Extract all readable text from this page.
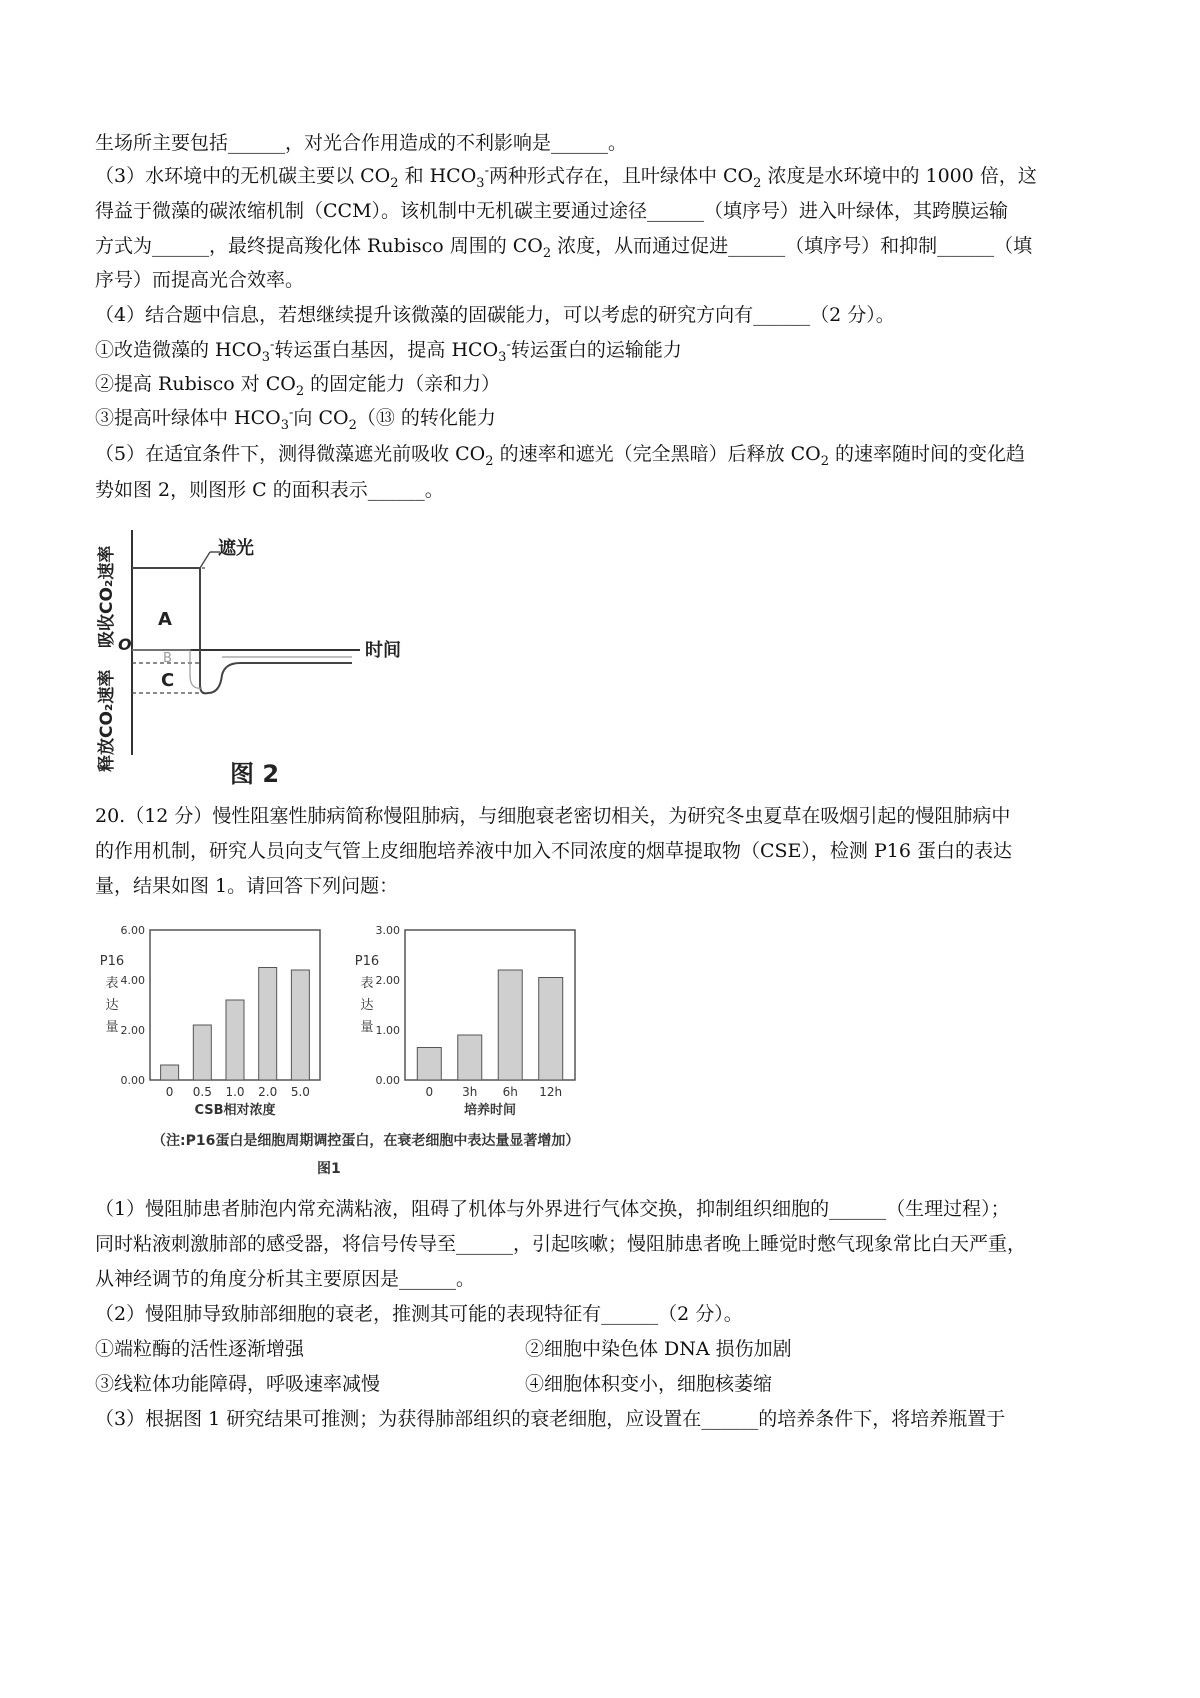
生场所主要包括______，对光合作用造成的不利影响是______。
（3）水环境中的无机碳主要以 $CO_2$ 和 $HCO_3^-$两种形式存在，且叶绿体中 $CO_2$ 浓度是水环境中的 1000 倍，这
得益于微藻的碳浓缩机制（CCM）。该机制中无机碳主要通过途径______（填序号）进入叶绿体，其跨膜运输
方式为______，最终提高羧化体 Rubisco 周围的 $CO_2$ 浓度，从而通过促进______（填序号）和抑制______（填
序号）而提高光合效率。
（4）结合题中信息，若想继续提升该微藻的固碳能力，可以考虑的研究方向有______（2 分）。
①改造微藻的 $HCO_3^-$转运蛋白基因，提高 $HCO_3^-$转运蛋白的运输能力
②提高 Rubisco 对 $CO_2$ 的固定能力（亲和力）
③提高叶绿体中 $HCO_3^-$向 $CO_2(⑬$ 的转化能力
（5）在适宜条件下，测得微藻遮光前吸收 $CO_2$ 的速率和遮光（完全黑暗）后释放 $CO_2$ 的速率随时间的变化趋
势如图 2，则图形 C 的面积表示______。
遮光
O	时间
A
B
C
吸收CO₂速率
释放CO₂速率
图 2
20.（12 分）慢性阻塞性肺病简称慢阻肺病，与细胞衰老密切相关，为研究冬虫夏草在吸烟引起的慢阻肺病中
的作用机制，研究人员向支气管上皮细胞培养液中加入不同浓度的烟草提取物（CSE），检测 P16 蛋白的表达
量，结果如图 1。请回答下列问题：
0.00
2.00
4.00
6.00
P16
表
达
量
0 0.5 1.0 2.0 5.0
CSB相对浓度
0.00
1.00
2.00
3.00
P16
表
达
量
0 3h 6h 12h
培养时间
（注:P16蛋白是细胞周期调控蛋白，在衰老细胞中表达量显著增加）
图1
（1）慢阻肺患者肺泡内常充满粘液，阻碍了机体与外界进行气体交换，抑制组织细胞的______（生理过程）；
同时粘液刺激肺部的感受器，将信号传导至______，引起咳嗽；慢阻肺患者晚上睡觉时憋气现象常比白天严重，
从神经调节的角度分析其主要原因是______。
（2）慢阻肺导致肺部细胞的衰老，推测其可能的表现特征有______（2 分）。
①端粒酶的活性逐渐增强	②细胞中染色体 DNA 损伤加剧
③线粒体功能障碍，呼吸速率减慢	④细胞体积变小，细胞核萎缩
（3）根据图 1 研究结果可推测；为获得肺部组织的衰老细胞，应设置在______的培养条件下，将培养瓶置于
